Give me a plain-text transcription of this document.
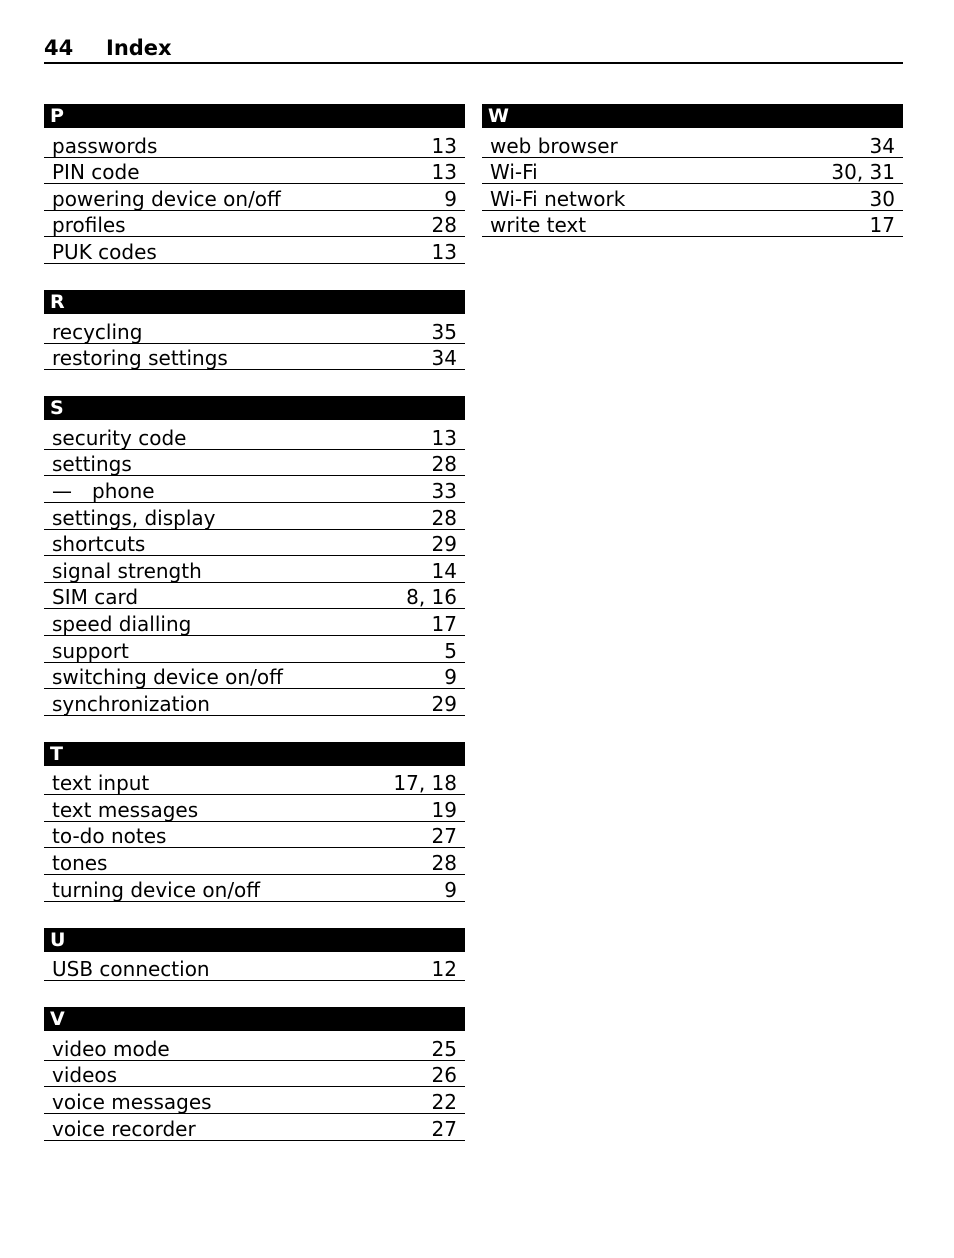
44 Index
P
passwords	13
PIN code	13
powering device on/off	9
profiles	28
PUK codes	13
R
recycling	35
restoring settings	34
S
security code	13
settings	28
— phone	33
settings, display	28
shortcuts	29
signal strength	14
SIM card	8, 16
speed dialling	17
support	5
switching device on/off	9
synchronization	29
T
text input	17, 18
text messages	19
to-do notes	27
tones	28
turning device on/off	9
U
USB connection	12
V
video mode	25
videos	26
voice messages	22
voice recorder	27
W
web browser	34
Wi-Fi	30, 31
Wi-Fi network	30
write text	17
